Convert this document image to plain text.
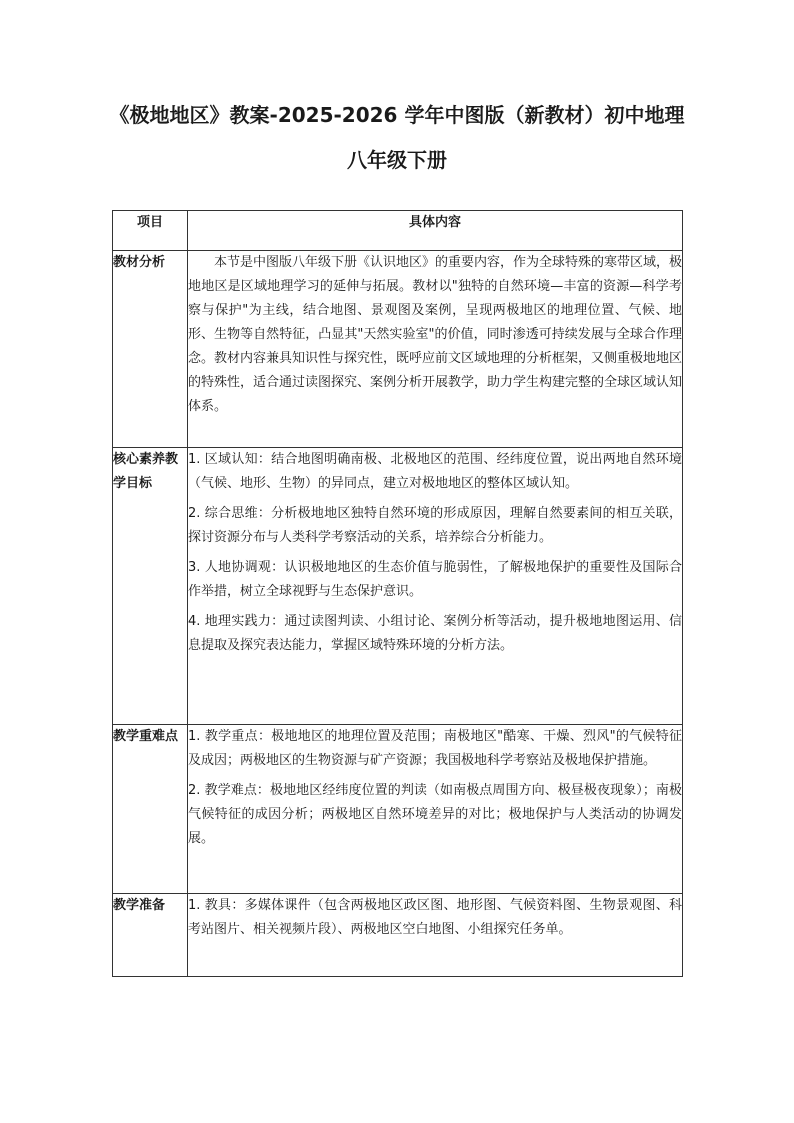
《极地地区》教案-2025-2026 学年中图版（新教材）初中地理
八年级下册
项目	具体内容
教材分析	本节是中图版八年级下册《认识地区》的重要内容，作为全球特殊的寒带区域，极地地区是区域地理学习的延伸与拓展。教材以"独特的自然环境—丰富的资源—科学考察与保护"为主线，结合地图、景观图及案例，呈现两极地区的地理位置、气候、地形、生物等自然特征，凸显其"天然实验室"的价值，同时渗透可持续发展与全球合作理念。教材内容兼具知识性与探究性，既呼应前文区域地理的分析框架，又侧重极地地区的特殊性，适合通过读图探究、案例分析开展教学，助力学生构建完整的全球区域认知体系。

核心素养教学目标	1. 区域认知：结合地图明确南极、北极地区的范围、经纬度位置，说出两地自然环境（气候、地形、生物）的异同点，建立对极地地区的整体区域认知。

2. 综合思维：分析极地地区独特自然环境的形成原因，理解自然要素间的相互关联，探讨资源分布与人类科学考察活动的关系，培养综合分析能力。

3. 人地协调观：认识极地地区的生态价值与脆弱性，了解极地保护的重要性及国际合作举措，树立全球视野与生态保护意识。

4. 地理实践力：通过读图判读、小组讨论、案例分析等活动，提升极地地图运用、信息提取及探究表达能力，掌握区域特殊环境的分析方法。

教学重难点	1. 教学重点：极地地区的地理位置及范围；南极地区"酷寒、干燥、烈风"的气候特征及成因；两极地区的生物资源与矿产资源；我国极地科学考察站及极地保护措施。

2. 教学难点：极地地区经纬度位置的判读（如南极点周围方向、极昼极夜现象）；南极气候特征的成因分析；两极地区自然环境差异的对比；极地保护与人类活动的协调发展。

教学准备	1. 教具：多媒体课件（包含两极地区政区图、地形图、气候资料图、生物景观图、科考站图片、相关视频片段）、两极地区空白地图、小组探究任务单。
